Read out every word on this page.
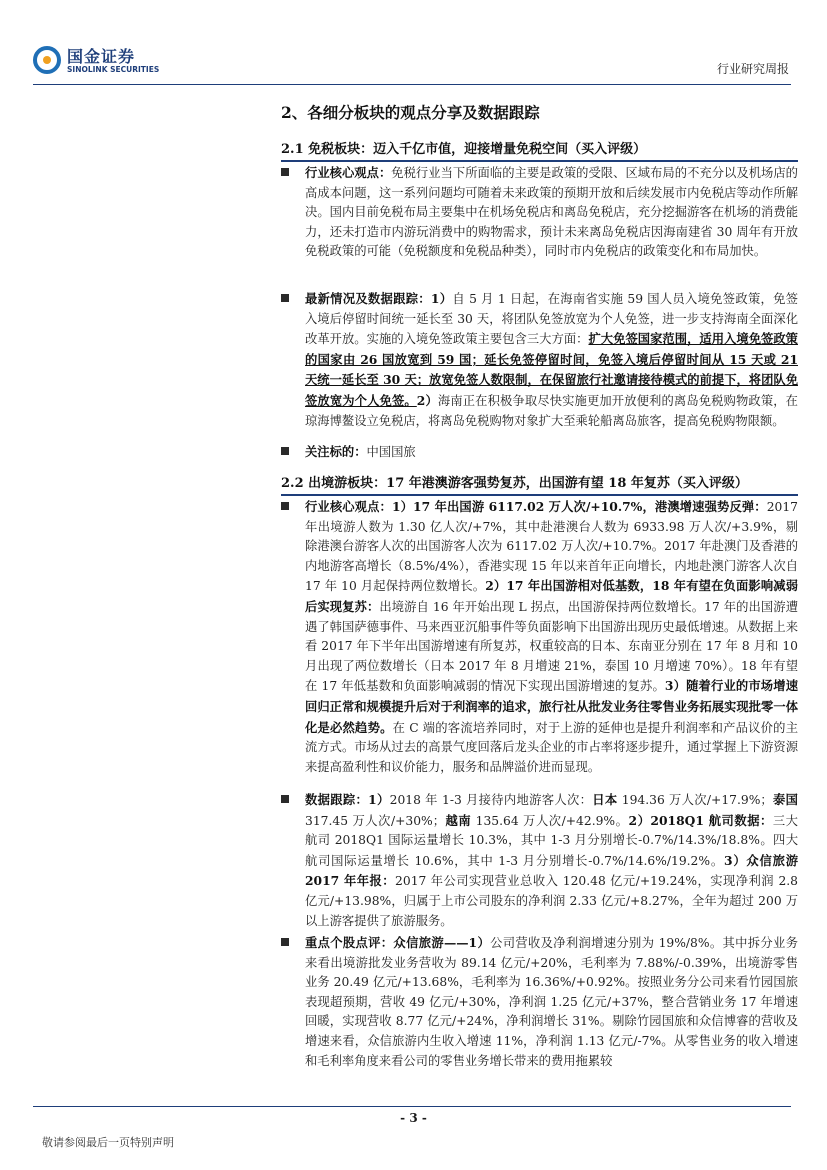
国金证券
SINOLINK SECURITIES	行业研究周报
2、各细分板块的观点分享及数据跟踪
2.1 免税板块：迈入千亿市值，迎接增量免税空间（买入评级）
行业核心观点：免税行业当下所面临的主要是政策的受限、区域布局的不充分以及机场店的高成本问题，这一系列问题均可随着未来政策的预期开放和后续发展市内免税店等动作所解决。国内目前免税布局主要集中在机场免税店和离岛免税店，充分挖掘游客在机场的消费能力，还未打造市内游玩消费中的购物需求，预计未来离岛免税店因海南建省 30 周年有开放免税政策的可能（免税额度和免税品种类），同时市内免税店的政策变化和布局加快。
最新情况及数据跟踪：1）自 5 月 1 日起，在海南省实施 59 国人员入境免签政策，免签入境后停留时间统一延长至 30 天，将团队免签放宽为个人免签，进一步支持海南全面深化改革开放。实施的入境免签政策主要包含三大方面：扩大免签国家范围，适用入境免签政策的国家由 26 国放宽到 59 国；延长免签停留时间，免签入境后停留时间从 15 天或 21 天统一延长至 30 天；放宽免签人数限制，在保留旅行社邀请接待模式的前提下，将团队免签放宽为个人免签。2）海南正在积极争取尽快实施更加开放便利的离岛免税购物政策，在琼海博鳌设立免税店，将离岛免税购物对象扩大至乘轮船离岛旅客，提高免税购物限额。
关注标的：中国国旅
2.2 出境游板块：17 年港澳游客强势复苏，出国游有望 18 年复苏（买入评级）
行业核心观点：1）17 年出国游 6117.02 万人次/+10.7%，港澳增速强势反弹：2017 年出境游人数为 1.30 亿人次/+7%，其中赴港澳台人数为 6933.98 万人次/+3.9%，剔除港澳台游客人次的出国游客人次为 6117.02 万人次/+10.7%。2017 年赴澳门及香港的内地游客高增长（8.5%/4%），香港实现 15 年以来首年正向增长，内地赴澳门游客人次自 17 年 10 月起保持两位数增长。2）17 年出国游相对低基数，18 年有望在负面影响减弱后实现复苏：出境游自 16 年开始出现 L 拐点，出国游保持两位数增长。17 年的出国游遭遇了韩国萨德事件、马来西亚沉船事件等负面影响下出国游出现历史最低增速。从数据上来看 2017 年下半年出国游增速有所复苏，权重较高的日本、东南亚分别在 17 年 8 月和 10 月出现了两位数增长（日本 2017 年 8 月增速 21%，泰国 10 月增速 70%）。18 年有望在 17 年低基数和负面影响减弱的情况下实现出国游增速的复苏。3）随着行业的市场增速回归正常和规模提升后对于利润率的追求，旅行社从批发业务往零售业务拓展实现批零一体化是必然趋势。在 C 端的客流培养同时，对于上游的延伸也是提升利润率和产品议价的主流方式。市场从过去的高景气度回落后龙头企业的市占率将逐步提升，通过掌握上下游资源来提高盈利性和议价能力，服务和品牌溢价进而显现。
数据跟踪：1）2018 年 1-3 月接待内地游客人次：日本 194.36 万人次/+17.9%；泰国 317.45 万人次/+30%；越南 135.64 万人次/+42.9%。2）2018Q1 航司数据：三大航司 2018Q1 国际运量增长 10.3%，其中 1-3 月分别增长-0.7%/14.3%/18.8%。四大航司国际运量增长 10.6%，其中 1-3 月分别增长-0.7%/14.6%/19.2%。3）众信旅游 2017 年年报：2017 年公司实现营业总收入 120.48 亿元/+19.24%，实现净利润 2.8 亿元/+13.98%，归属于上市公司股东的净利润 2.33 亿元/+8.27%，全年为超过 200 万以上游客提供了旅游服务。
重点个股点评：众信旅游——1）公司营收及净利润增速分别为 19%/8%。其中拆分业务来看出境游批发业务营收为 89.14 亿元/+20%，毛利率为 7.88%/-0.39%，出境游零售业务 20.49 亿元/+13.68%，毛利率为 16.36%/+0.92%。按照业务分公司来看竹园国旅表现超预期，营收 49 亿元/+30%，净利润 1.25 亿元/+37%，整合营销业务 17 年增速回暖，实现营收 8.77 亿元/+24%，净利润增长 31%。剔除竹园国旅和众信博睿的营收及增速来看，众信旅游内生收入增速 11%，净利润 1.13 亿元/-7%。从零售业务的收入增速和毛利率角度来看公司的零售业务增长带来的费用拖累较
- 3 -
敬请参阅最后一页特别声明
